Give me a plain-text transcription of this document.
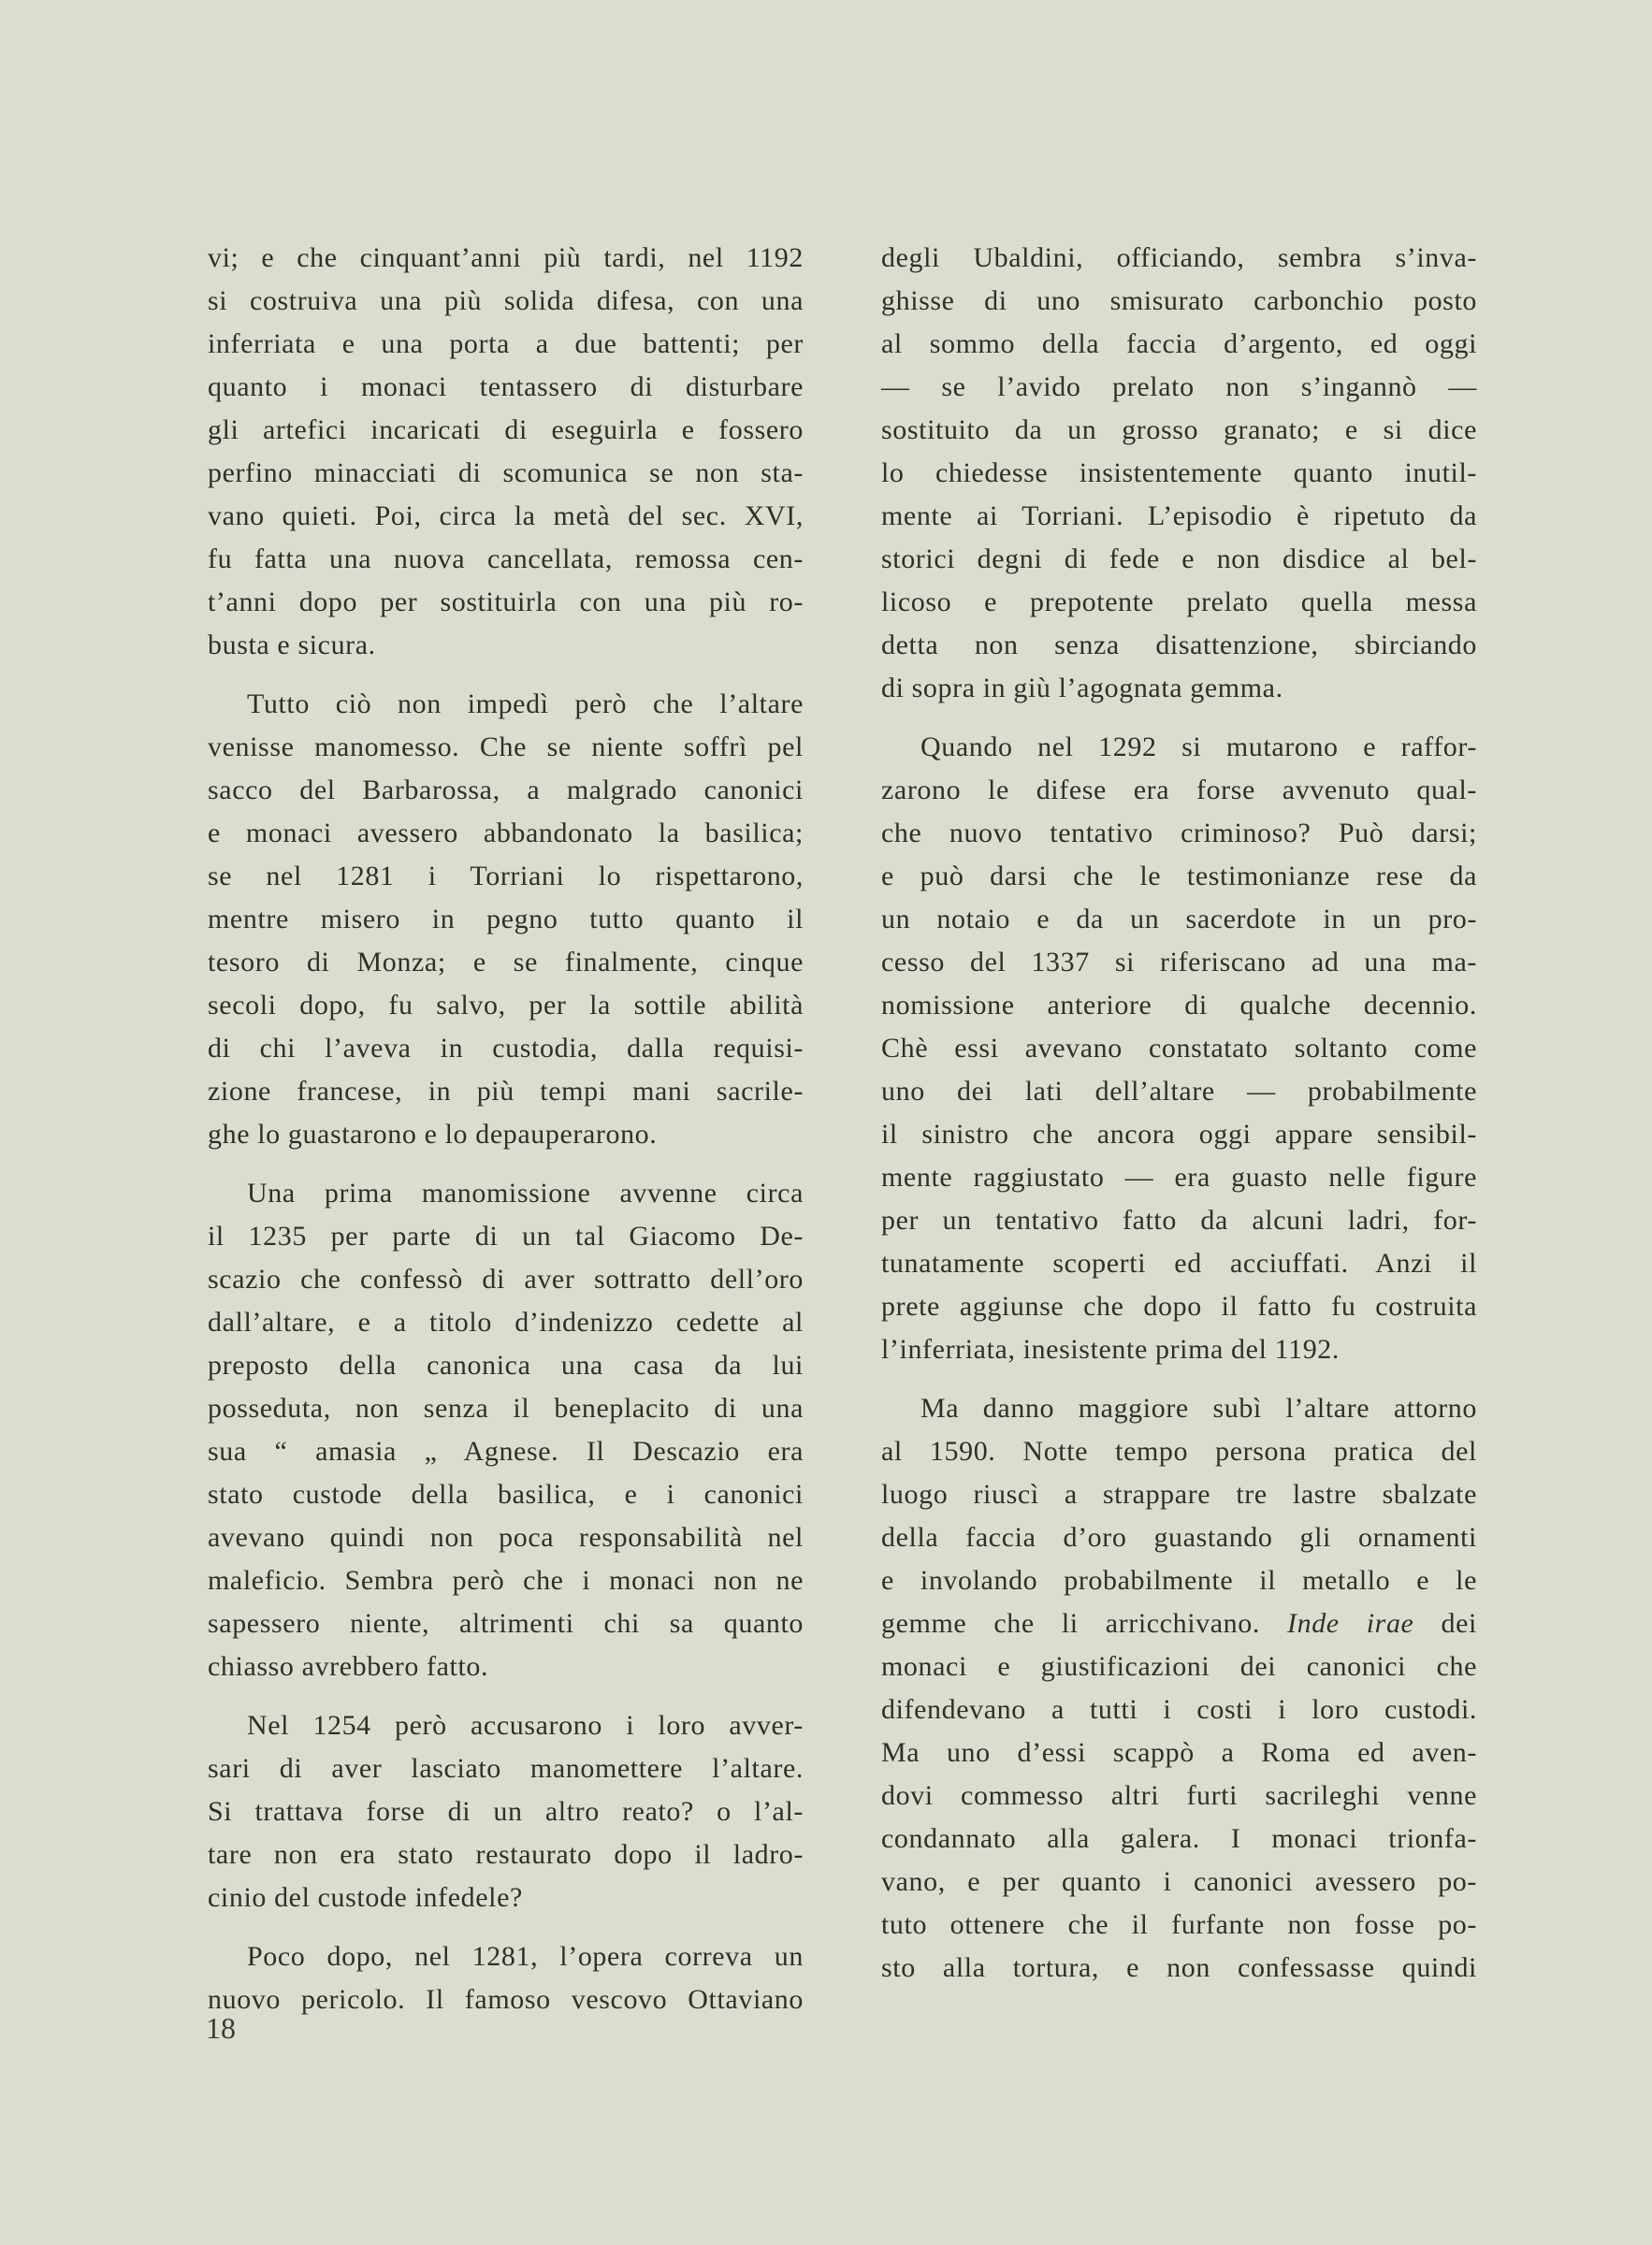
vi; e che cinquant’anni più tardi, nel 1192
si costruiva una più solida difesa, con una
inferriata e una porta a due battenti; per
quanto i monaci tentassero di disturbare
gli artefici incaricati di eseguirla e fossero
perfino minacciati di scomunica se non sta-
vano quieti. Poi, circa la metà del sec. XVI,
fu fatta una nuova cancellata, remossa cen-
t’anni dopo per sostituirla con una più ro-
busta e sicura.
Tutto ciò non impedì però che l’altare
venisse manomesso. Che se niente soffrì pel
sacco del Barbarossa, a malgrado canonici
e monaci avessero abbandonato la basilica;
se nel 1281 i Torriani lo rispettarono,
mentre misero in pegno tutto quanto il
tesoro di Monza; e se finalmente, cinque
secoli dopo, fu salvo, per la sottile abilità
di chi l’aveva in custodia, dalla requisi-
zione francese, in più tempi mani sacrile-
ghe lo guastarono e lo depauperarono.
Una prima manomissione avvenne circa
il 1235 per parte di un tal Giacomo De-
scazio che confessò di aver sottratto dell’oro
dall’altare, e a titolo d’indenizzo cedette al
preposto della canonica una casa da lui
posseduta, non senza il beneplacito di una
sua “ amasia „ Agnese. Il Descazio era
stato custode della basilica, e i canonici
avevano quindi non poca responsabilità nel
maleficio. Sembra però che i monaci non ne
sapessero niente, altrimenti chi sa quanto
chiasso avrebbero fatto.
Nel 1254 però accusarono i loro avver-
sari di aver lasciato manomettere l’altare.
Si trattava forse di un altro reato? o l’al-
tare non era stato restaurato dopo il ladro-
cinio del custode infedele?
Poco dopo, nel 1281, l’opera correva un
nuovo pericolo. Il famoso vescovo Ottaviano
degli Ubaldini, officiando, sembra s’inva-
ghisse di uno smisurato carbonchio posto
al sommo della faccia d’argento, ed oggi
— se l’avido prelato non s’ingannò —
sostituito da un grosso granato; e si dice
lo chiedesse insistentemente quanto inutil-
mente ai Torriani. L’episodio è ripetuto da
storici degni di fede e non disdice al bel-
licoso e prepotente prelato quella messa
detta non senza disattenzione, sbirciando
di sopra in giù l’agognata gemma.
Quando nel 1292 si mutarono e raffor-
zarono le difese era forse avvenuto qual-
che nuovo tentativo criminoso? Può darsi;
e può darsi che le testimonianze rese da
un notaio e da un sacerdote in un pro-
cesso del 1337 si riferiscano ad una ma-
nomissione anteriore di qualche decennio.
Chè essi avevano constatato soltanto come
uno dei lati dell’altare — probabilmente
il sinistro che ancora oggi appare sensibil-
mente raggiustato — era guasto nelle figure
per un tentativo fatto da alcuni ladri, for-
tunatamente scoperti ed acciuffati. Anzi il
prete aggiunse che dopo il fatto fu costruita
l’inferriata, inesistente prima del 1192.
Ma danno maggiore subì l’altare attorno
al 1590. Notte tempo persona pratica del
luogo riuscì a strappare tre lastre sbalzate
della faccia d’oro guastando gli ornamenti
e involando probabilmente il metallo e le
gemme che li arricchivano. Inde irae dei
monaci e giustificazioni dei canonici che
difendevano a tutti i costi i loro custodi.
Ma uno d’essi scappò a Roma ed aven-
dovi commesso altri furti sacrileghi venne
condannato alla galera. I monaci trionfa-
vano, e per quanto i canonici avessero po-
tuto ottenere che il furfante non fosse po-
sto alla tortura, e non confessasse quindi
18
